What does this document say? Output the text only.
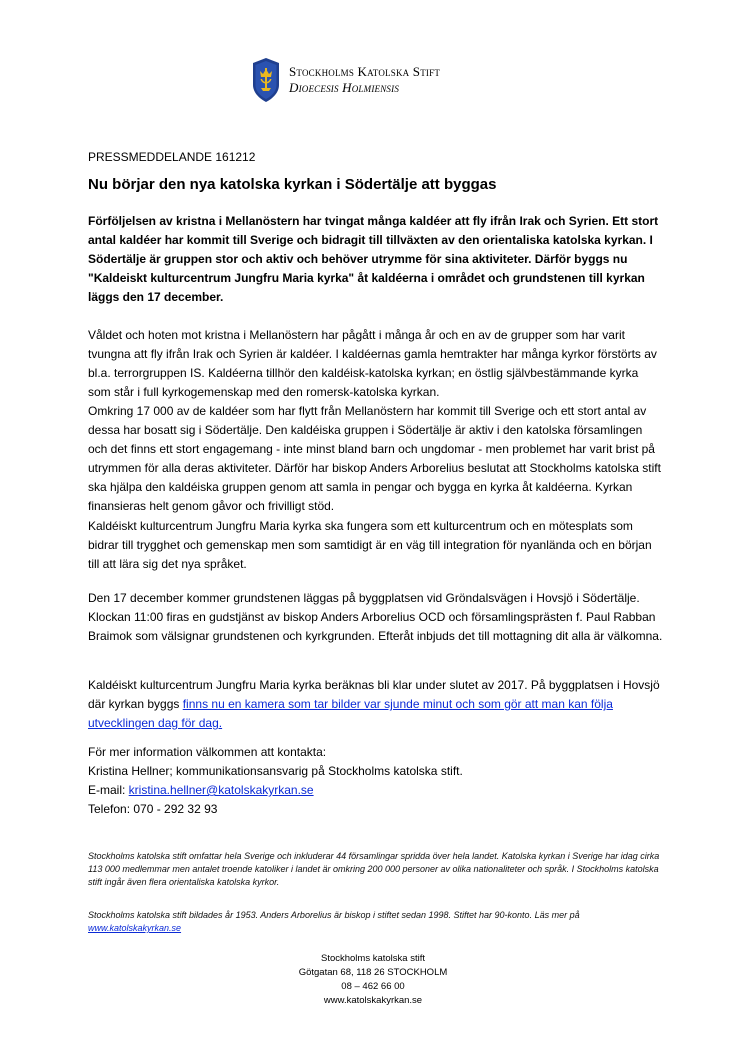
Stockholms Katolska Stift
Dioecesis Holmiensis
PRESSMEDDELANDE 161212
Nu börjar den nya katolska kyrkan i Södertälje att byggas

Förföljelsen av kristna i Mellanöstern har tvingat många kaldéer att fly ifrån Irak och Syrien. Ett stort antal kaldéer har kommit till Sverige och bidragit till tillväxten av den orientaliska katolska kyrkan. I Södertälje är gruppen stor och aktiv och behöver utrymme för sina aktiviteter. Därför byggs nu "Kaldeiskt kulturcentrum Jungfru Maria kyrka" åt kaldéerna i området och grundstenen till kyrkan läggs den 17 december.

Våldet och hoten mot kristna i Mellanöstern har pågått i många år och en av de grupper som har varit tvungna att fly ifrån Irak och Syrien är kaldéer. I kaldéernas gamla hemtrakter har många kyrkor förstörts av bl.a. terrorgruppen IS. Kaldéerna tillhör den kaldéisk-katolska kyrkan; en östlig självbestämmande kyrka som står i full kyrkogemenskap med den romersk-katolska kyrkan.

Omkring 17 000 av de kaldéer som har flytt från Mellanöstern har kommit till Sverige och ett stort antal av dessa har bosatt sig i Södertälje. Den kaldéiska gruppen i Södertälje är aktiv i den katolska församlingen och det finns ett stort engagemang - inte minst bland barn och ungdomar - men problemet har varit brist på utrymmen för alla deras aktiviteter. Därför har biskop Anders Arborelius beslutat att Stockholms katolska stift ska hjälpa den kaldéiska gruppen genom att samla in pengar och bygga en kyrka åt kaldéerna. Kyrkan finansieras helt genom gåvor och frivilligt stöd.

Kaldéiskt kulturcentrum Jungfru Maria kyrka ska fungera som ett kulturcentrum och en mötesplats som bidrar till trygghet och gemenskap men som samtidigt är en väg till integration för nyanlända och en början till att lära sig det nya språket.

Den 17 december kommer grundstenen läggas på byggplatsen vid Gröndalsvägen i Hovsjö i Södertälje. Klockan 11:00 firas en gudstjänst av biskop Anders Arborelius OCD och församlingsprästen f. Paul Rabban Braimok som välsignar grundstenen och kyrkgrunden. Efteråt inbjuds det till mottagning dit alla är välkomna.

Kaldéiskt kulturcentrum Jungfru Maria kyrka beräknas bli klar under slutet av 2017. På byggplatsen i Hovsjö där kyrkan byggs finns nu en kamera som tar bilder var sjunde minut och som gör att man kan följa utvecklingen dag för dag.

För mer information välkommen att kontakta:
Kristina Hellner; kommunikationsansvarig på Stockholms katolska stift.
E-mail: kristina.hellner@katolskakyrkan.se
Telefon: 070 - 292 32 93

Stockholms katolska stift omfattar hela Sverige och inkluderar 44 församlingar spridda över hela landet. Katolska kyrkan i Sverige har idag cirka 113 000 medlemmar men antalet troende katoliker i landet är omkring 200 000 personer av olika nationaliteter och språk. I Stockholms katolska stift ingår även flera orientaliska katolska kyrkor.

Stockholms katolska stift bildades år 1953. Anders Arborelius är biskop i stiftet sedan 1998. Stiftet har 90-konto. Läs mer på www.katolskakyrkan.se

Stockholms katolska stift
Götgatan 68, 118 26 STOCKHOLM
08 – 462 66 00
www.katolskakyrkan.se
